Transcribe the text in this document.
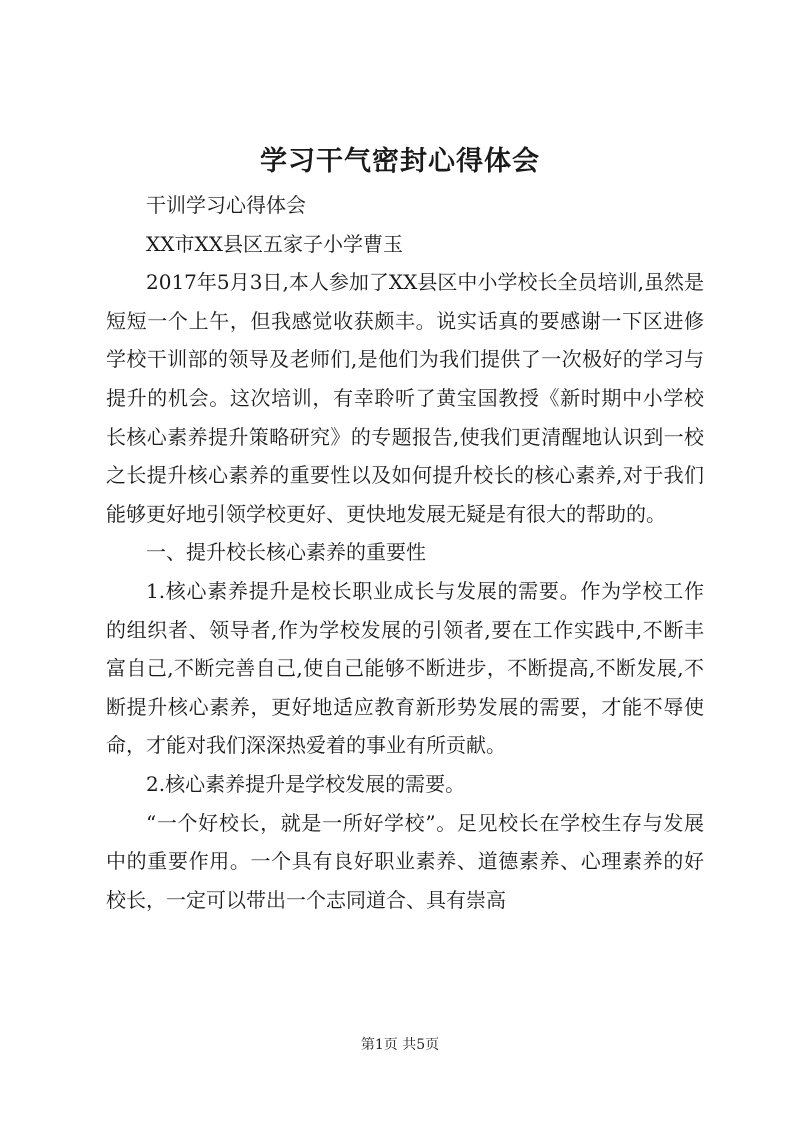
学习干气密封心得体会

干训学习心得体会

XX市XX县区五家子小学曹玉

2017年5月3日,本人参加了XX县区中小学校长全员培训,虽然是短短一个上午，但我感觉收获颇丰。说实话真的要感谢一下区进修学校干训部的领导及老师们,是他们为我们提供了一次极好的学习与提升的机会。这次培训，有幸聆听了黄宝国教授《新时期中小学校长核心素养提升策略研究》的专题报告,使我们更清醒地认识到一校之长提升核心素养的重要性以及如何提升校长的核心素养,对于我们能够更好地引领学校更好、更快地发展无疑是有很大的帮助的。

一、提升校长核心素养的重要性

1.核心素养提升是校长职业成长与发展的需要。作为学校工作的组织者、领导者,作为学校发展的引领者,要在工作实践中,不断丰富自己,不断完善自己,使自己能够不断进步，不断提高,不断发展,不断提升核心素养，更好地适应教育新形势发展的需要，才能不辱使命，才能对我们深深热爱着的事业有所贡献。

2.核心素养提升是学校发展的需要。

“一个好校长，就是一所好学校”。足见校长在学校生存与发展中的重要作用。一个具有良好职业素养、道德素养、心理素养的好校长，一定可以带出一个志同道合、具有崇高

第1页 共5页
